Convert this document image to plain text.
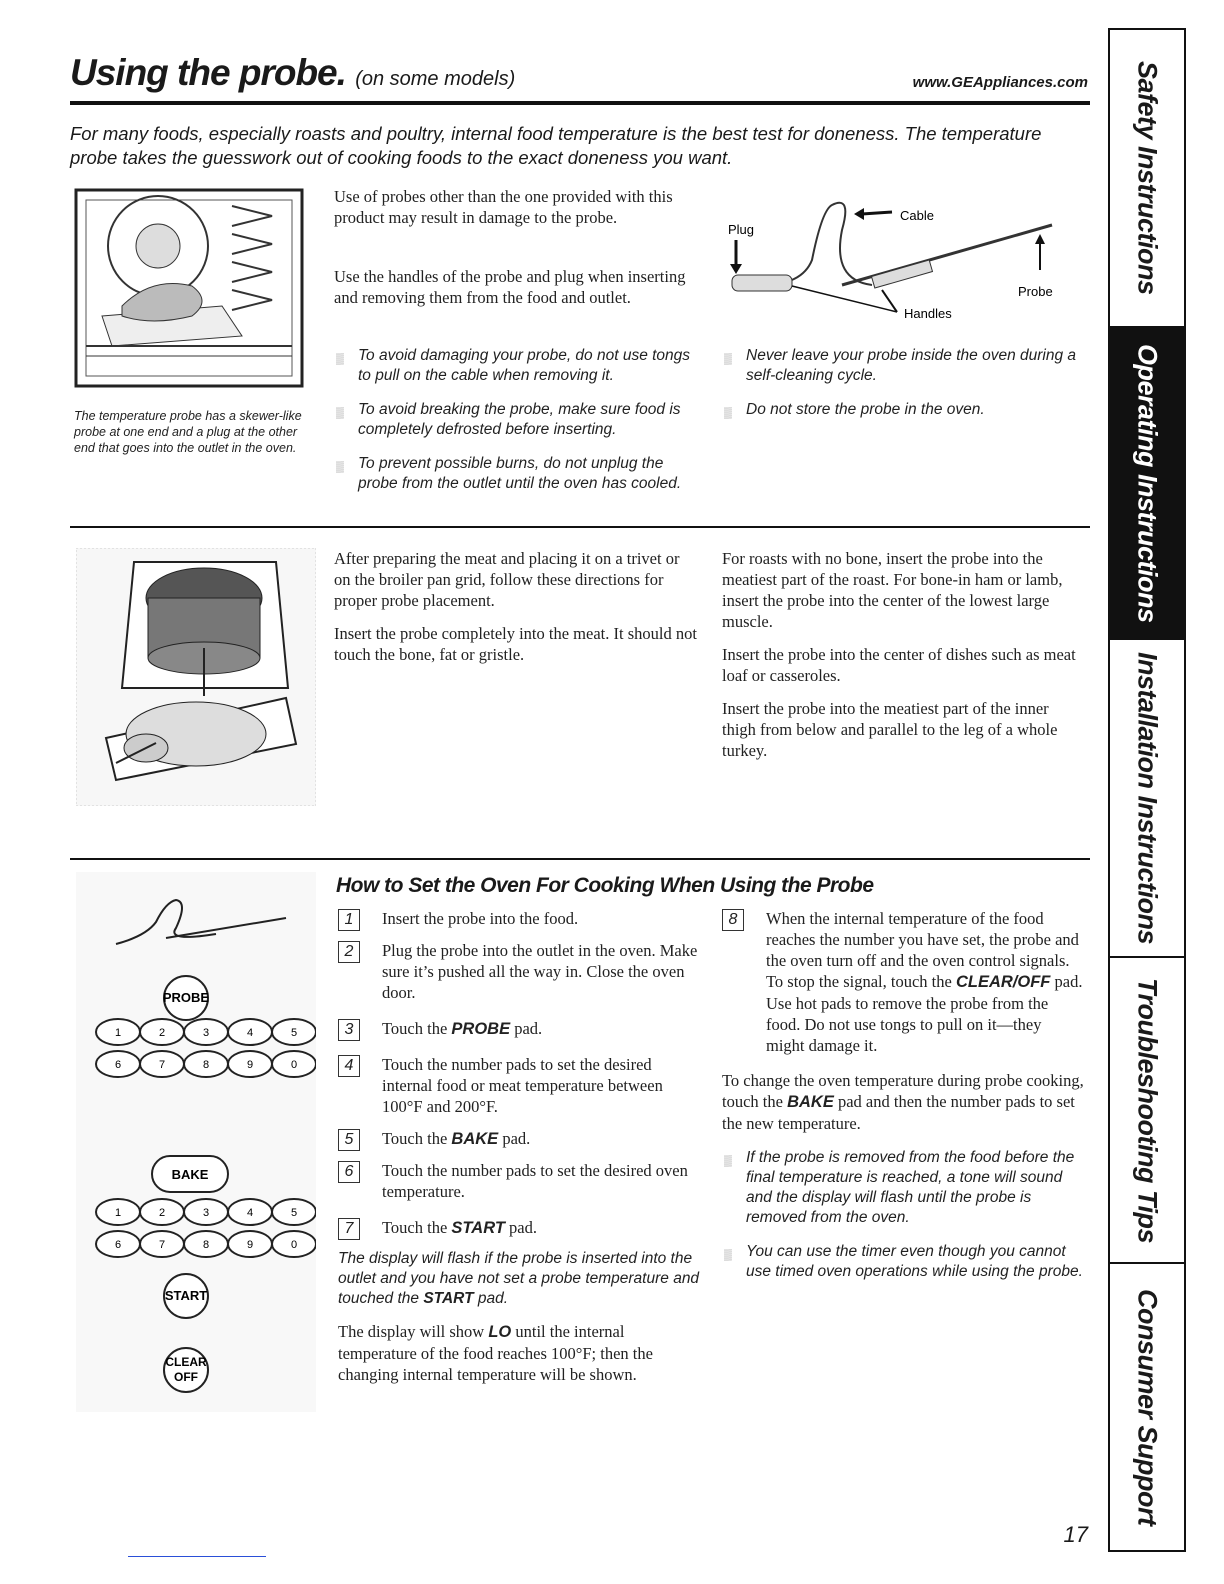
Using the probe. (on some models)	www.GEAppliances.com

For many foods, especially roasts and poultry, internal food temperature is the best test for doneness. The temperature probe takes the guesswork out of cooking foods to the exact doneness you want.

The temperature probe has a skewer-like probe at one end and a plug at the other end that goes into the outlet in the oven.

Use of probes other than the one provided with this product may result in damage to the probe.

Use the handles of the probe and plug when inserting and removing them from the food and outlet.

▒ To avoid damaging your probe, do not use tongs to pull on the cable when removing it.
▒ To avoid breaking the probe, make sure food is completely defrosted before inserting.
▒ To prevent possible burns, do not unplug the probe from the outlet until the oven has cooled.
Cable
Plug
Probe
Handles
▒ Never leave your probe inside the oven during a self-cleaning cycle.
▒ Do not store the probe in the oven.

After preparing the meat and placing it on a trivet or on the broiler pan grid, follow these directions for proper probe placement.

Insert the probe completely into the meat. It should not touch the bone, fat or gristle.

For roasts with no bone, insert the probe into the meatiest part of the roast. For bone-in ham or lamb, insert the probe into the center of the lowest large muscle.

Insert the probe into the center of dishes such as meat loaf or casseroles.

Insert the probe into the meatiest part of the inner thigh from below and parallel to the leg of a whole turkey.

How to Set the Oven For Cooking When Using the Probe
PROBE
BAKE
START
CLEAR
OFF
1	2	3	4	5
6	7	8	9	0
1	2	3	4	5
6	7	8	9	0
1	Insert the probe into the food.
2	Plug the probe into the outlet in the oven. Make sure it’s pushed all the way in. Close the oven door.
3	Touch the PROBE pad.
4	Touch the number pads to set the desired internal food or meat temperature between 100°F and 200°F.
5	Touch the BAKE pad.
6	Touch the number pads to set the desired oven temperature.
7	Touch the START pad.

The display will flash if the probe is inserted into the outlet and you have not set a probe temperature and touched the START pad.

The display will show LO until the internal temperature of the food reaches 100°F; then the changing internal temperature will be shown.

8	When the internal temperature of the food reaches the number you have set, the probe and the oven turn off and the oven control signals. To stop the signal, touch the CLEAR/OFF pad. Use hot pads to remove the probe from the food. Do not use tongs to pull on it—they might damage it.

To change the oven temperature during probe cooking, touch the BAKE pad and then the number pads to set the new temperature.

▒ If the probe is removed from the food before the final temperature is reached, a tone will sound and the display will flash until the probe is removed from the oven.
▒ You can use the timer even though you cannot use timed oven operations while using the probe.
Safety Instructions
Operating Instructions
Installation Instructions
Troubleshooting Tips
Consumer Support
17
